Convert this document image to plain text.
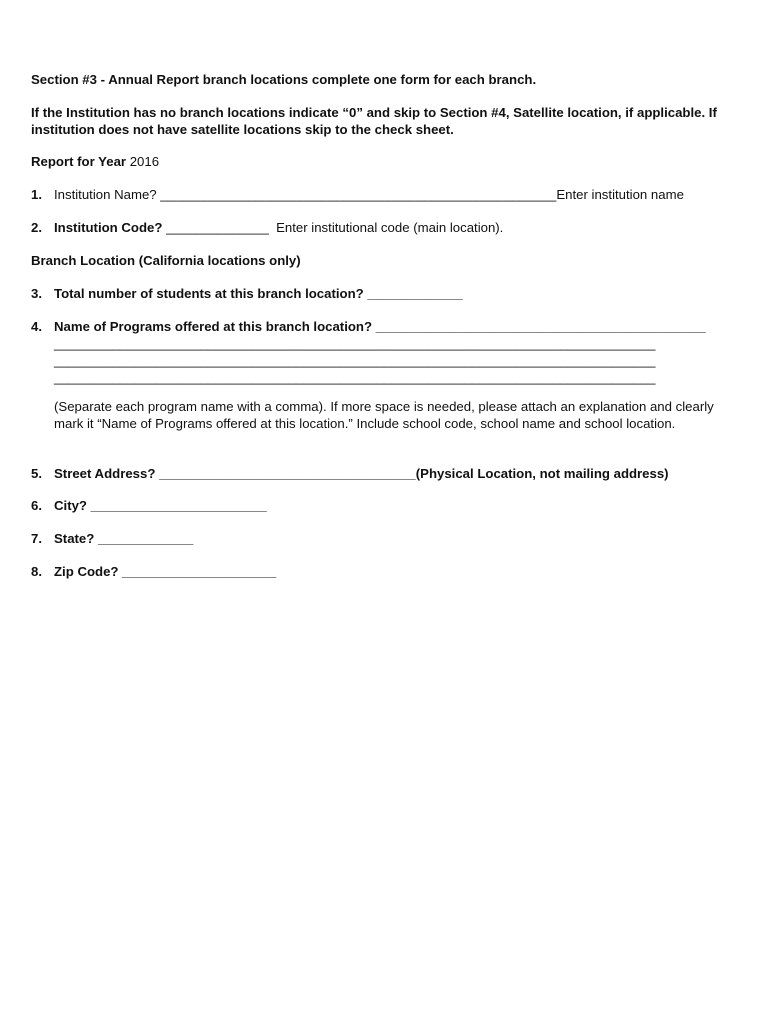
Section #3 - Annual Report branch locations complete one form for each branch.
If the Institution has no branch locations indicate “0” and skip to Section #4, Satellite location, if applicable. If institution does not have satellite locations skip to the check sheet.
Report for Year 2016
1. Institution Name? ______________________________________________________Enter institution name
2. Institution Code? ______________ Enter institutional code (main location).
Branch Location (California locations only)
3. Total number of students at this branch location? _____________
4. Name of Programs offered at this branch location? _____________________________________________
__________________________________________________________________________________
__________________________________________________________________________________
__________________________________________________________________________________
(Separate each program name with a comma). If more space is needed, please attach an explanation and clearly mark it “Name of Programs offered at this location.” Include school code, school name and school location.
5. Street Address? ___________________________________(Physical Location, not mailing address)
6. City? ________________________
7. State? _____________
8. Zip Code? _____________________
